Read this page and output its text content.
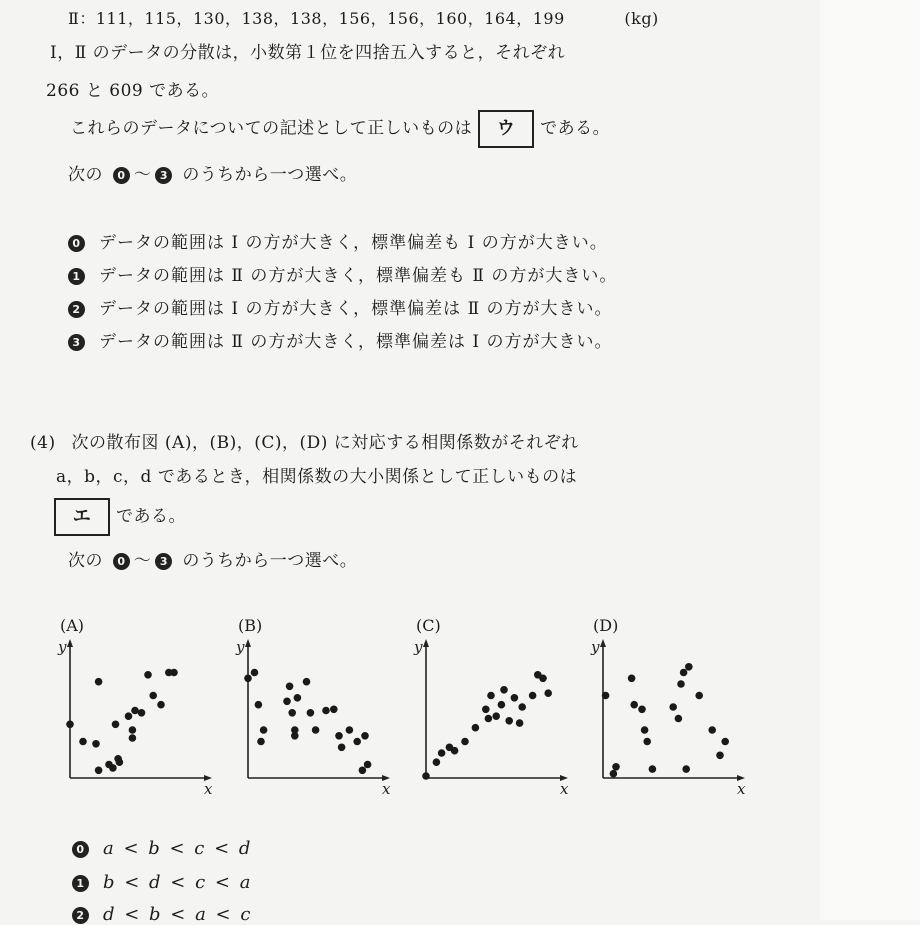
Ⅱ：111，115，130，138，138，156，156，160，164，199	(kg)
Ⅰ，Ⅱ のデータの分散は，小数第１位を四捨五入すると，それぞれ
266 と 609 である。
これらのデータについての記述として正しいものは ウ である。
次の 0 〜 3 のうちから一つ選べ。
0 データの範囲は Ⅰ の方が大きく，標準偏差も Ⅰ の方が大きい。
1 データの範囲は Ⅱ の方が大きく，標準偏差も Ⅱ の方が大きい。
2 データの範囲は Ⅰ の方が大きく，標準偏差は Ⅱ の方が大きい。
3 データの範囲は Ⅱ の方が大きく，標準偏差は Ⅰ の方が大きい。
(4) 次の散布図 (A)，(B)，(C)，(D) に対応する相関係数がそれぞれ
a，b，c，d であるとき，相関係数の大小関係として正しいものは
エ である。
次の 0 〜 3 のうちから一つ選べ。
(A)	(B)	(C)	(D)
x
y
x
y
x
y
x
y
0 a < b < c < d
1 b < d < c < a
2 d < b < a < c
